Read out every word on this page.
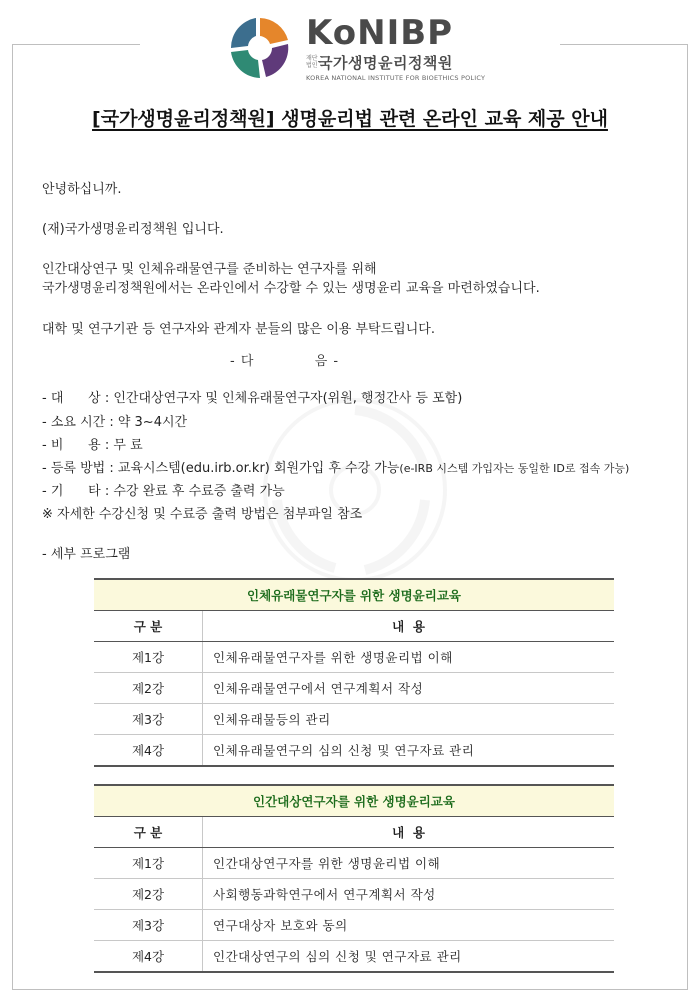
KoNIBP
재단법인 국가생명윤리정책원
KOREA NATIONAL INSTITUTE FOR BIOETHICS POLICY
[국가생명윤리정책원] 생명윤리법 관련 온라인 교육 제공 안내
안녕하십니까.
(재)국가생명윤리정책원 입니다.
인간대상연구 및 인체유래물연구를 준비하는 연구자를 위해
국가생명윤리정책원에서는 온라인에서 수강할 수 있는 생명윤리 교육을 마련하였습니다.
대학 및 연구기관 등 연구자와 관계자 분들의 많은 이용 부탁드립니다.
- 다          음 -
- 대      상 : 인간대상연구자 및 인체유래물연구자(위원, 행정간사 등 포함)
- 소요 시간 : 약 3~4시간
- 비      용 : 무 료
- 등록 방법 : 교육시스템(edu.irb.or.kr) 회원가입 후 수강 가능(e-IRB 시스템 가입자는 동일한 ID로 접속 가능)
- 기      타 : 수강 완료 후 수료증 출력 가능
※ 자세한 수강신청 및 수료증 출력 방법은 첨부파일 참조
- 세부 프로그램
인체유래물연구자를 위한 생명윤리교육	
구 분	내  용
제1강	인체유래물연구자를 위한 생명윤리법 이해
제2강	인체유래물연구에서 연구계획서 작성
제3강	인체유래물등의 관리
제4강	인체유래물연구의 심의 신청 및 연구자료 관리
인간대상연구자를 위한 생명윤리교육	
구 분	내  용
제1강	인간대상연구자를 위한 생명윤리법 이해
제2강	사회행동과학연구에서 연구계획서 작성
제3강	연구대상자 보호와 동의
제4강	인간대상연구의 심의 신청 및 연구자료 관리
